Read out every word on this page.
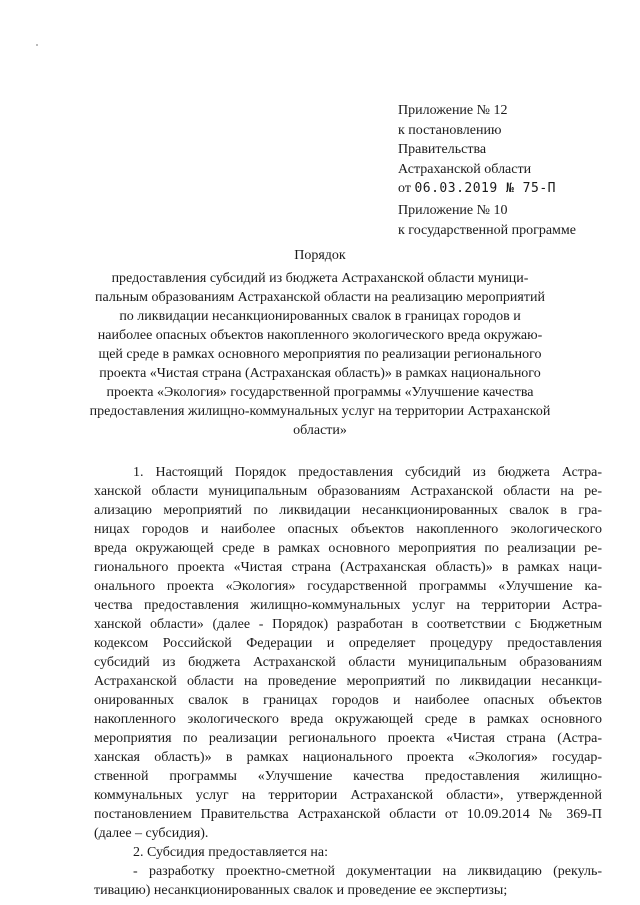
Приложение № 12
к постановлению
Правительства
Астраханской области
от 06.03.2019 № 75-П
Приложение № 10
к государственной программе
Порядок
предоставления субсидий из бюджета Астраханской области муници-
пальным образованиям Астраханской области на реализацию мероприятий
по ликвидации несанкционированных свалок в границах городов и
наиболее опасных объектов накопленного экологического вреда окружаю-
щей среде в рамках основного мероприятия по реализации регионального
проекта «Чистая страна (Астраханская область)» в рамках национального
проекта «Экология» государственной программы «Улучшение качества
предоставления жилищно-коммунальных услуг на территории Астраханской
области»
1. Настоящий Порядок предоставления субсидий из бюджета Астра-
ханской области муниципальным образованиям Астраханской области на ре-
ализацию мероприятий по ликвидации несанкционированных свалок в гра-
ницах городов и наиболее опасных объектов накопленного экологического
вреда окружающей среде в рамках основного мероприятия по реализации ре-
гионального проекта «Чистая страна (Астраханская область)» в рамках наци-
онального проекта «Экология» государственной программы «Улучшение ка-
чества предоставления жилищно-коммунальных услуг на территории Астра-
ханской области» (далее - Порядок) разработан в соответствии с Бюджетным
кодексом Российской Федерации и определяет процедуру предоставления
субсидий из бюджета Астраханской области муниципальным образованиям
Астраханской области на проведение мероприятий по ликвидации несанкци-
онированных свалок в границах городов и наиболее опасных объектов
накопленного экологического вреда окружающей среде в рамках основного
мероприятия по реализации регионального проекта «Чистая страна (Астра-
ханская область)» в рамках национального проекта «Экология» государ-
ственной программы «Улучшение качества предоставления жилищно-
коммунальных услуг на территории Астраханской области», утвержденной
постановлением Правительства Астраханской области от 10.09.2014 № 369-П
(далее – субсидия).
2. Субсидия предоставляется на:
- разработку проектно-сметной документации на ликвидацию (рекуль-
тивацию) несанкционированных свалок и проведение ее экспертизы;
